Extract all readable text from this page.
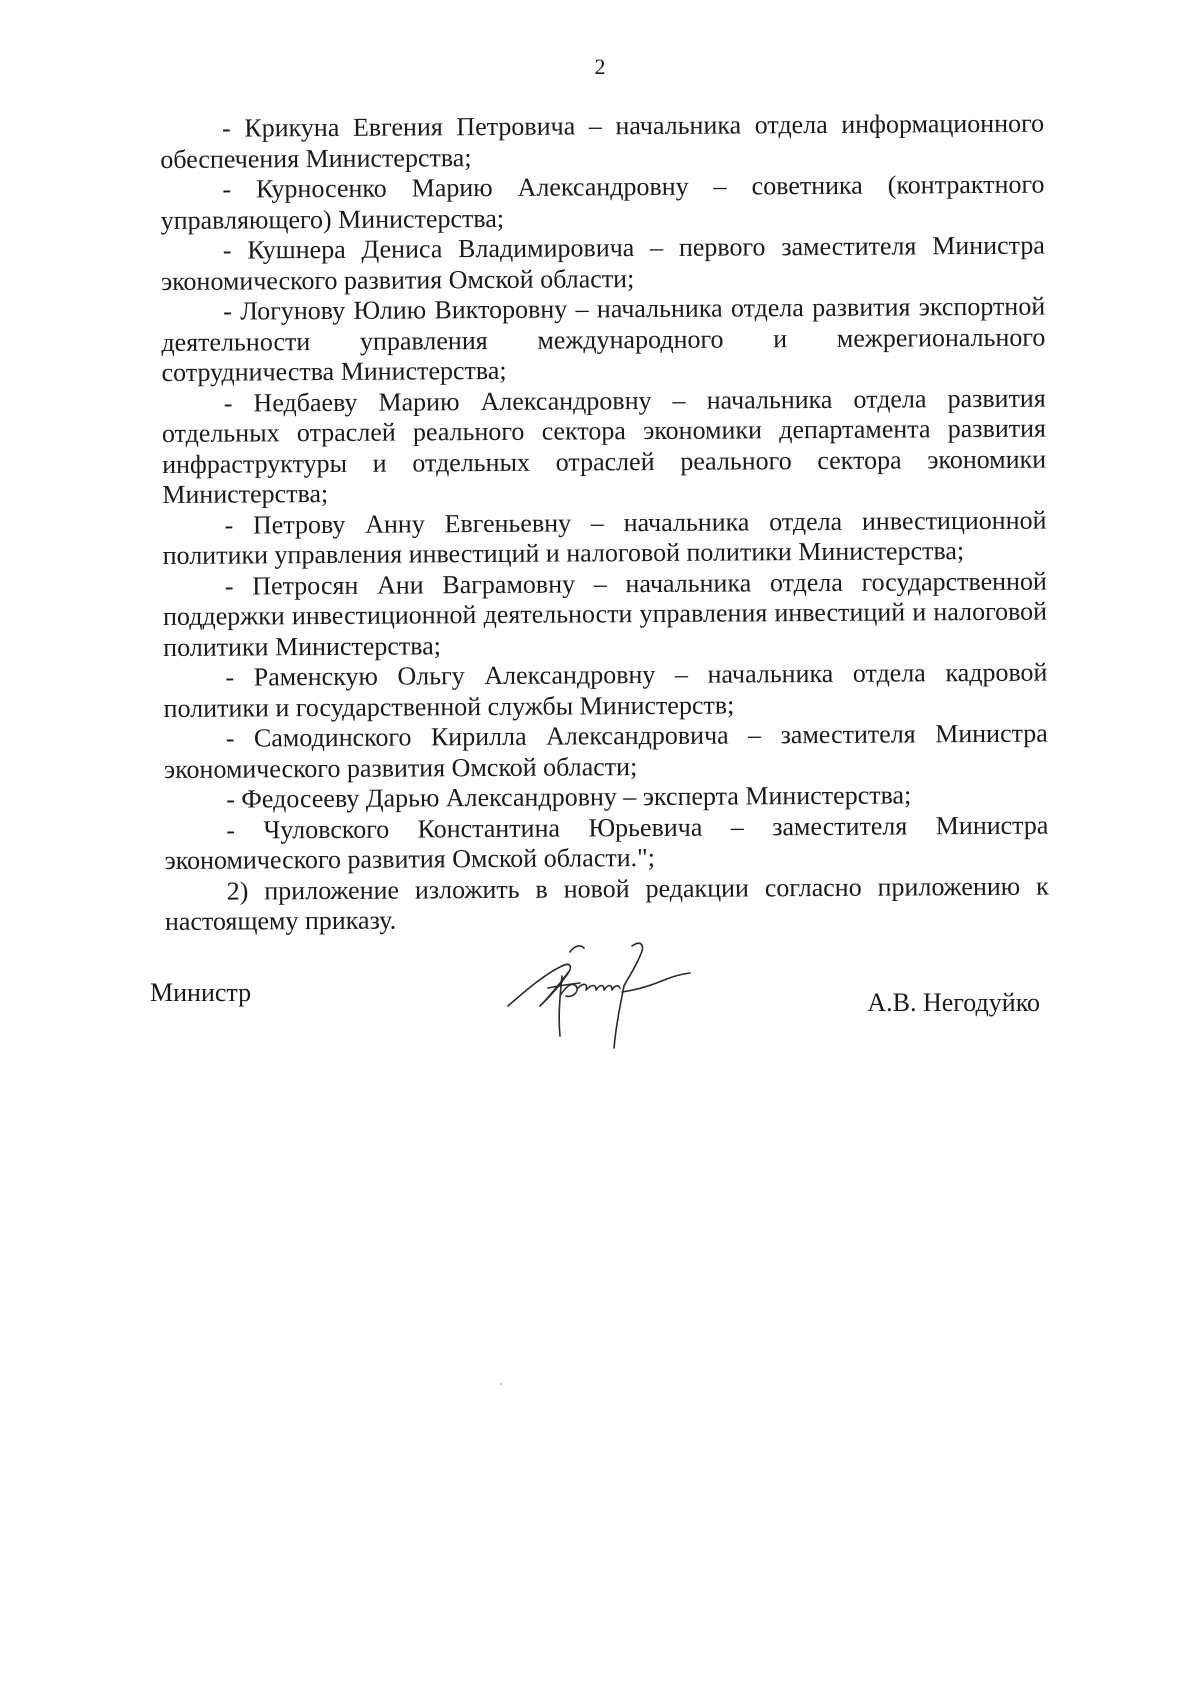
2

- Крикуна Евгения Петровича – начальника отдела информационного обеспечения Министерства;

- Курносенко Марию Александровну – советника (контрактного управляющего) Министерства;

- Кушнера Дениса Владимировича – первого заместителя Министра экономического развития Омской области;

- Логунову Юлию Викторовну – начальника отдела развития экспортной деятельности управления международного и межрегионального сотрудничества Министерства;

- Недбаеву Марию Александровну – начальника отдела развития отдельных отраслей реального сектора экономики департамента развития инфраструктуры и отдельных отраслей реального сектора экономики Министерства;

- Петрову Анну Евгеньевну – начальника отдела инвестиционной политики управления инвестиций и налоговой политики Министерства;

- Петросян Ани Ваграмовну – начальника отдела государственной поддержки инвестиционной деятельности управления инвестиций и налоговой политики Министерства;

- Раменскую Ольгу Александровну – начальника отдела кадровой политики и государственной службы Министерств;

- Самодинского Кирилла Александровича – заместителя Министра экономического развития Омской области;

- Федосееву Дарью Александровну – эксперта Министерства;

- Чуловского Константина Юрьевича – заместителя Министра экономического развития Омской области.";

2) приложение изложить в новой редакции согласно приложению к настоящему приказу.

Министр	А.В. Негодуйко
